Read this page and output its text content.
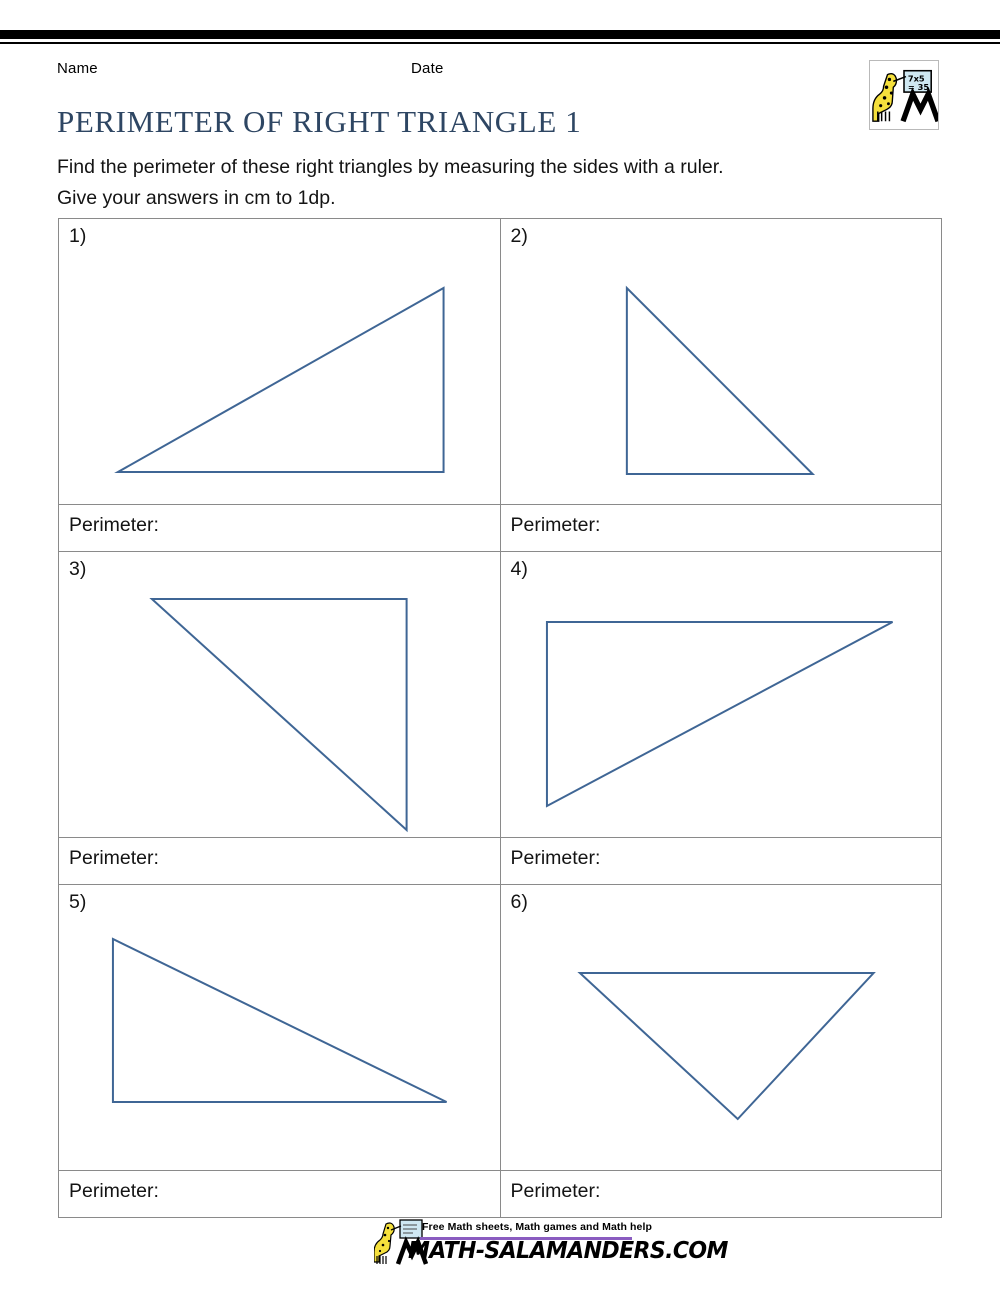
Name	Date
PERIMETER OF RIGHT TRIANGLE 1
Find the perimeter of these right triangles by measuring the sides with a ruler.
Give your answers in cm to 1dp.
7x5
= 35
1)	2)

Perimeter:	Perimeter:

3)	4)

Perimeter:	Perimeter:

5)	6)

Perimeter:	Perimeter:
Free Math sheets, Math games and Math help
MATH-SALAMANDERS.COM
